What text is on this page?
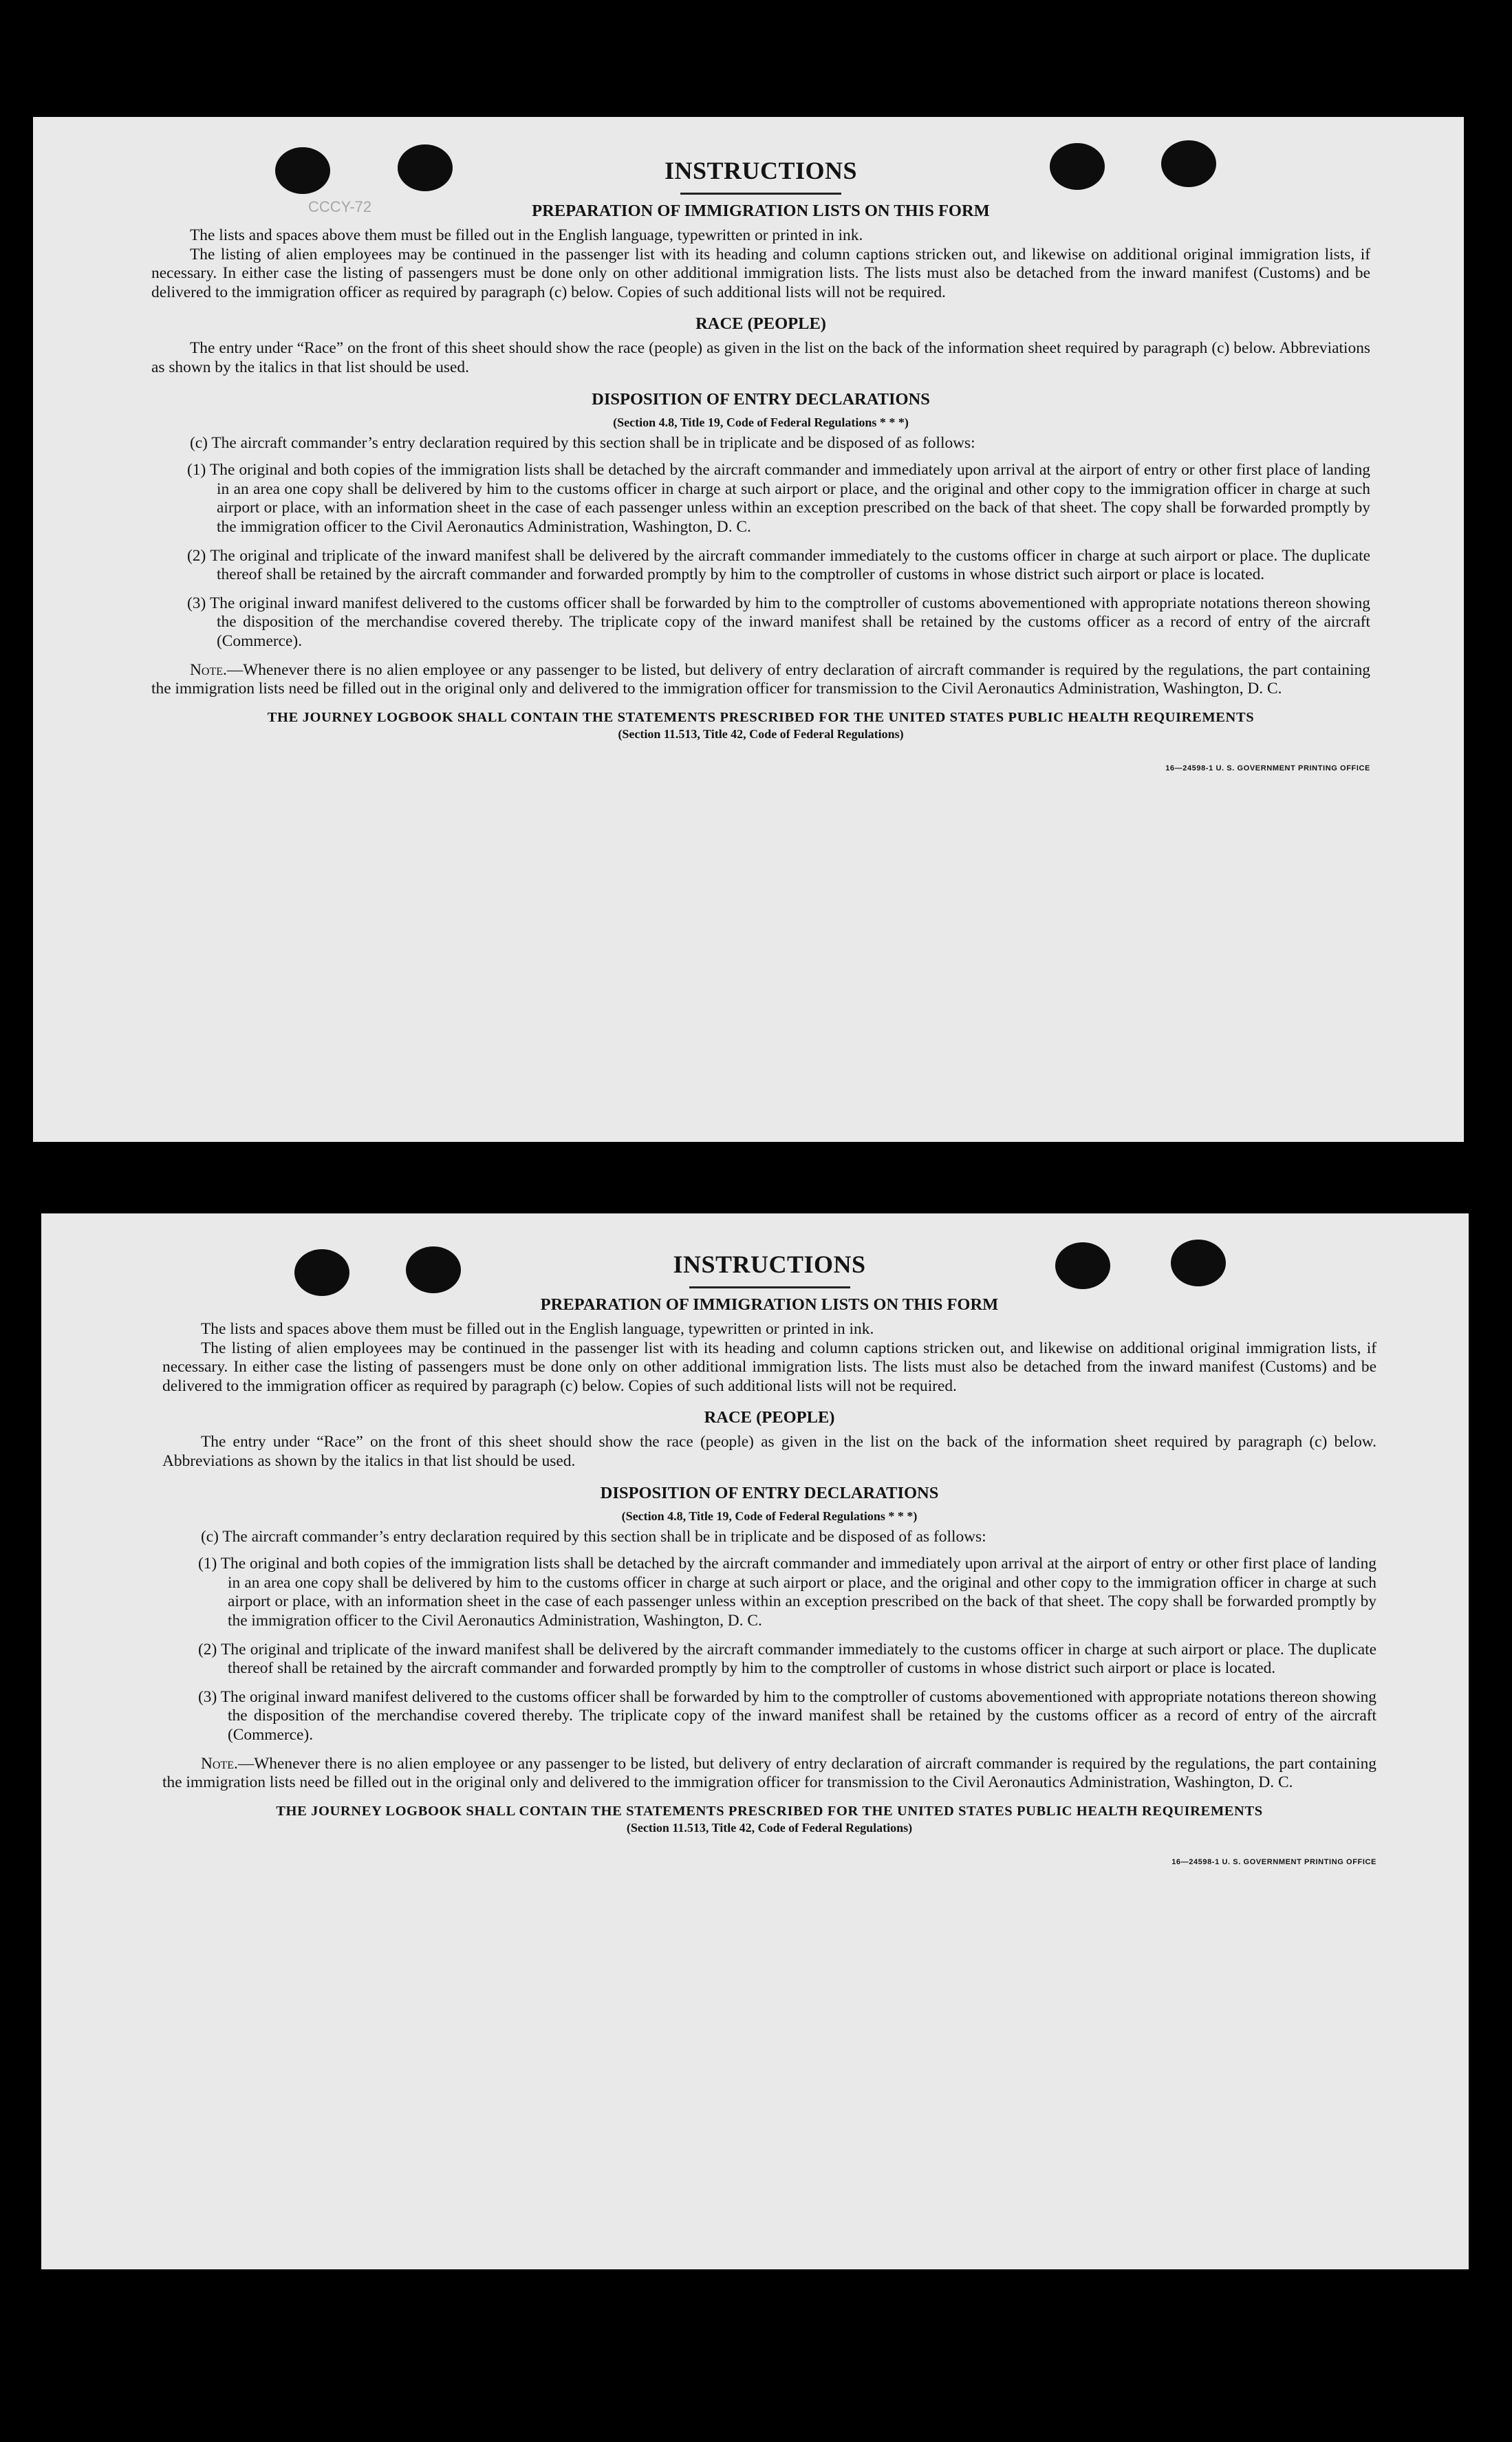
CCCY-72
INSTRUCTIONS
PREPARATION OF IMMIGRATION LISTS ON THIS FORM

The lists and spaces above them must be filled out in the English language, typewritten or printed in ink.

The listing of alien employees may be continued in the passenger list with its heading and column captions stricken out, and likewise on additional original immigration lists, if necessary. In either case the listing of passengers must be done only on other additional immigration lists. The lists must also be detached from the inward manifest (Customs) and be delivered to the immigration officer as required by paragraph (c) below. Copies of such additional lists will not be required.

RACE (PEOPLE)

The entry under “Race” on the front of this sheet should show the race (people) as given in the list on the back of the information sheet required by paragraph (c) below. Abbreviations as shown by the italics in that list should be used.

DISPOSITION OF ENTRY DECLARATIONS
(Section 4.8, Title 19, Code of Federal Regulations * * *)

(c) The aircraft commander’s entry declaration required by this section shall be in triplicate and be disposed of as follows:

(1) The original and both copies of the immigration lists shall be detached by the aircraft commander and immediately upon arrival at the airport of entry or other first place of landing in an area one copy shall be delivered by him to the customs officer in charge at such airport or place, and the original and other copy to the immigration officer in charge at such airport or place, with an information sheet in the case of each passenger unless within an exception prescribed on the back of that sheet. The copy shall be forwarded promptly by the immigration officer to the Civil Aeronautics Administration, Washington, D. C.

(2) The original and triplicate of the inward manifest shall be delivered by the aircraft commander immediately to the customs officer in charge at such airport or place. The duplicate thereof shall be retained by the aircraft commander and forwarded promptly by him to the comptroller of customs in whose district such airport or place is located.

(3) The original inward manifest delivered to the customs officer shall be forwarded by him to the comptroller of customs abovementioned with appropriate notations thereon showing the disposition of the merchandise covered thereby. The triplicate copy of the inward manifest shall be retained by the customs officer as a record of entry of the aircraft (Commerce).

Note.—Whenever there is no alien employee or any passenger to be listed, but delivery of entry declaration of aircraft commander is required by the regulations, the part containing the immigration lists need be filled out in the original only and delivered to the immigration officer for transmission to the Civil Aeronautics Administration, Washington, D. C.

THE JOURNEY LOGBOOK SHALL CONTAIN THE STATEMENTS PRESCRIBED FOR THE UNITED STATES PUBLIC HEALTH REQUIREMENTS
(Section 11.513, Title 42, Code of Federal Regulations)
16—24598-1 U. S. GOVERNMENT PRINTING OFFICE
INSTRUCTIONS
PREPARATION OF IMMIGRATION LISTS ON THIS FORM

The lists and spaces above them must be filled out in the English language, typewritten or printed in ink.

The listing of alien employees may be continued in the passenger list with its heading and column captions stricken out, and likewise on additional original immigration lists, if necessary. In either case the listing of passengers must be done only on other additional immigration lists. The lists must also be detached from the inward manifest (Customs) and be delivered to the immigration officer as required by paragraph (c) below. Copies of such additional lists will not be required.

RACE (PEOPLE)

The entry under “Race” on the front of this sheet should show the race (people) as given in the list on the back of the information sheet required by paragraph (c) below. Abbreviations as shown by the italics in that list should be used.

DISPOSITION OF ENTRY DECLARATIONS
(Section 4.8, Title 19, Code of Federal Regulations * * *)

(c) The aircraft commander’s entry declaration required by this section shall be in triplicate and be disposed of as follows:

(1) The original and both copies of the immigration lists shall be detached by the aircraft commander and immediately upon arrival at the airport of entry or other first place of landing in an area one copy shall be delivered by him to the customs officer in charge at such airport or place, and the original and other copy to the immigration officer in charge at such airport or place, with an information sheet in the case of each passenger unless within an exception prescribed on the back of that sheet. The copy shall be forwarded promptly by the immigration officer to the Civil Aeronautics Administration, Washington, D. C.

(2) The original and triplicate of the inward manifest shall be delivered by the aircraft commander immediately to the customs officer in charge at such airport or place. The duplicate thereof shall be retained by the aircraft commander and forwarded promptly by him to the comptroller of customs in whose district such airport or place is located.

(3) The original inward manifest delivered to the customs officer shall be forwarded by him to the comptroller of customs abovementioned with appropriate notations thereon showing the disposition of the merchandise covered thereby. The triplicate copy of the inward manifest shall be retained by the customs officer as a record of entry of the aircraft (Commerce).

Note.—Whenever there is no alien employee or any passenger to be listed, but delivery of entry declaration of aircraft commander is required by the regulations, the part containing the immigration lists need be filled out in the original only and delivered to the immigration officer for transmission to the Civil Aeronautics Administration, Washington, D. C.

THE JOURNEY LOGBOOK SHALL CONTAIN THE STATEMENTS PRESCRIBED FOR THE UNITED STATES PUBLIC HEALTH REQUIREMENTS
(Section 11.513, Title 42, Code of Federal Regulations)
16—24598-1 U. S. GOVERNMENT PRINTING OFFICE
